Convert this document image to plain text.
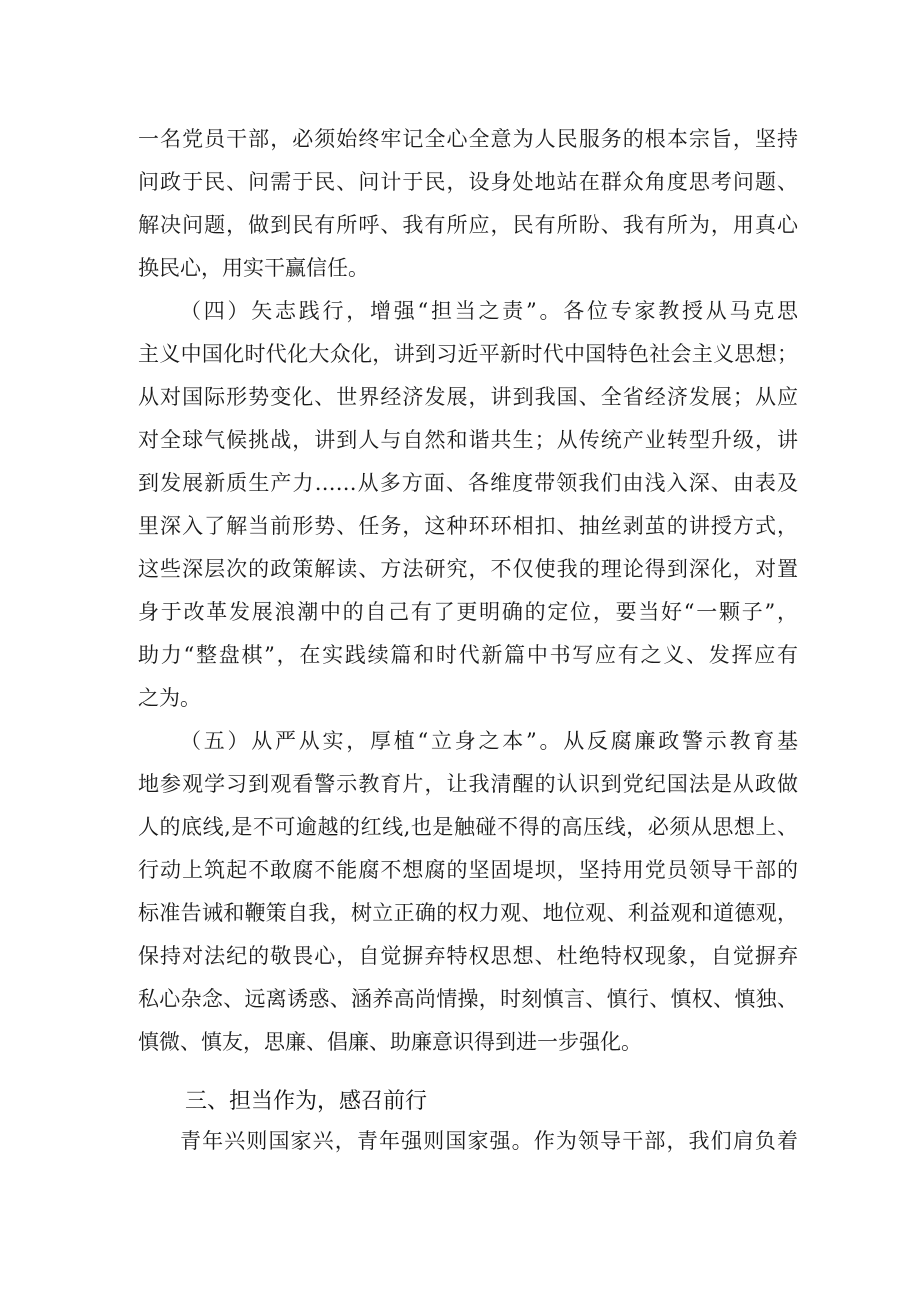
一名党员干部，必须始终牢记全心全意为人民服务的根本宗旨，坚持
问政于民、问需于民、问计于民，设身处地站在群众角度思考问题、
解决问题，做到民有所呼、我有所应，民有所盼、我有所为，用真心
换民心，用实干赢信任。
（四）矢志践行，增强“担当之责”。各位专家教授从马克思
主义中国化时代化大众化，讲到习近平新时代中国特色社会主义思想；
从对国际形势变化、世界经济发展，讲到我国、全省经济发展；从应
对全球气候挑战，讲到人与自然和谐共生；从传统产业转型升级，讲
到发展新质生产力……从多方面、各维度带领我们由浅入深、由表及
里深入了解当前形势、任务，这种环环相扣、抽丝剥茧的讲授方式，
这些深层次的政策解读、方法研究，不仅使我的理论得到深化，对置
身于改革发展浪潮中的自己有了更明确的定位，要当好“一颗子”，
助力“整盘棋”，在实践续篇和时代新篇中书写应有之义、发挥应有
之为。
（五）从严从实，厚植“立身之本”。从反腐廉政警示教育基
地参观学习到观看警示教育片，让我清醒的认识到党纪国法是从政做
人的底线,是不可逾越的红线,也是触碰不得的高压线，必须从思想上、
行动上筑起不敢腐不能腐不想腐的坚固堤坝，坚持用党员领导干部的
标准告诫和鞭策自我，树立正确的权力观、地位观、利益观和道德观，
保持对法纪的敬畏心，自觉摒弃特权思想、杜绝特权现象，自觉摒弃
私心杂念、远离诱惑、涵养高尚情操，时刻慎言、慎行、慎权、慎独、
慎微、慎友，思廉、倡廉、助廉意识得到进一步强化。
三、担当作为，感召前行
青年兴则国家兴，青年强则国家强。作为领导干部，我们肩负着
